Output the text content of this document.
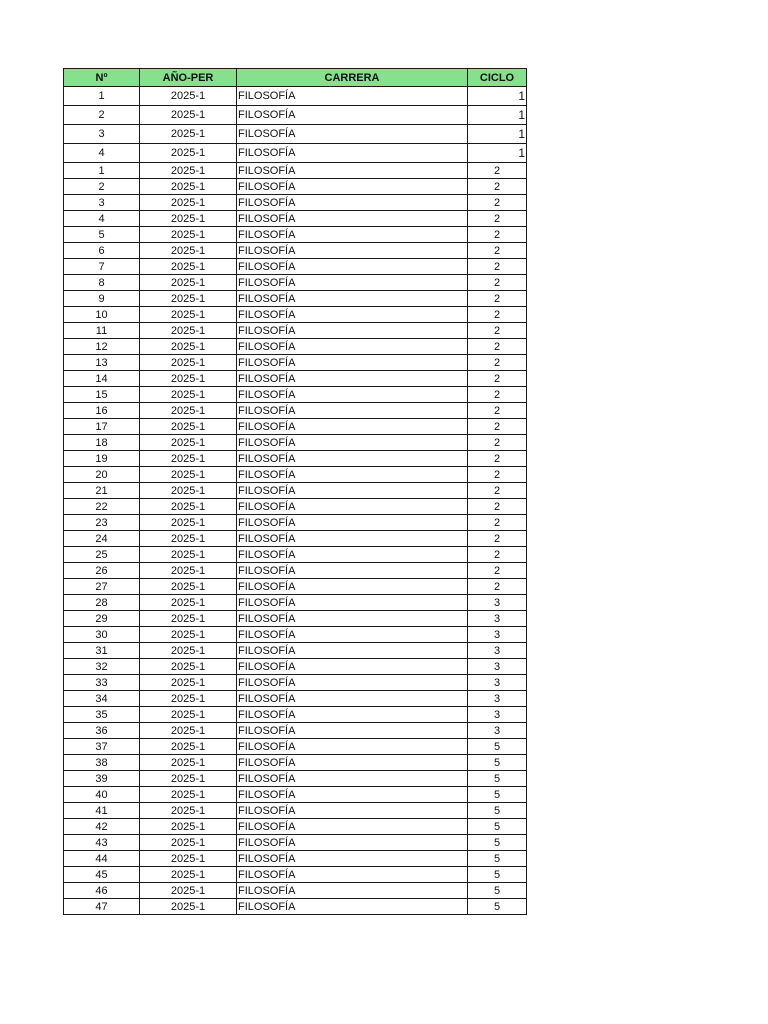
Nº	AÑO-PER	CARRERA	CICLO
1	2025-1	FILOSOFÍA	1
2	2025-1	FILOSOFÍA	1
3	2025-1	FILOSOFÍA	1
4	2025-1	FILOSOFÍA	1
1	2025-1	FILOSOFÍA	2
2	2025-1	FILOSOFÍA	2
3	2025-1	FILOSOFÍA	2
4	2025-1	FILOSOFÍA	2
5	2025-1	FILOSOFÍA	2
6	2025-1	FILOSOFÍA	2
7	2025-1	FILOSOFÍA	2
8	2025-1	FILOSOFÍA	2
9	2025-1	FILOSOFÍA	2
10	2025-1	FILOSOFÍA	2
11	2025-1	FILOSOFÍA	2
12	2025-1	FILOSOFÍA	2
13	2025-1	FILOSOFÍA	2
14	2025-1	FILOSOFÍA	2
15	2025-1	FILOSOFÍA	2
16	2025-1	FILOSOFÍA	2
17	2025-1	FILOSOFÍA	2
18	2025-1	FILOSOFÍA	2
19	2025-1	FILOSOFÍA	2
20	2025-1	FILOSOFÍA	2
21	2025-1	FILOSOFÍA	2
22	2025-1	FILOSOFÍA	2
23	2025-1	FILOSOFÍA	2
24	2025-1	FILOSOFÍA	2
25	2025-1	FILOSOFÍA	2
26	2025-1	FILOSOFÍA	2
27	2025-1	FILOSOFÍA	2
28	2025-1	FILOSOFÍA	3
29	2025-1	FILOSOFÍA	3
30	2025-1	FILOSOFÍA	3
31	2025-1	FILOSOFÍA	3
32	2025-1	FILOSOFÍA	3
33	2025-1	FILOSOFÍA	3
34	2025-1	FILOSOFÍA	3
35	2025-1	FILOSOFÍA	3
36	2025-1	FILOSOFÍA	3
37	2025-1	FILOSOFÍA	5
38	2025-1	FILOSOFÍA	5
39	2025-1	FILOSOFÍA	5
40	2025-1	FILOSOFÍA	5
41	2025-1	FILOSOFÍA	5
42	2025-1	FILOSOFÍA	5
43	2025-1	FILOSOFÍA	5
44	2025-1	FILOSOFÍA	5
45	2025-1	FILOSOFÍA	5
46	2025-1	FILOSOFÍA	5
47	2025-1	FILOSOFÍA	5
